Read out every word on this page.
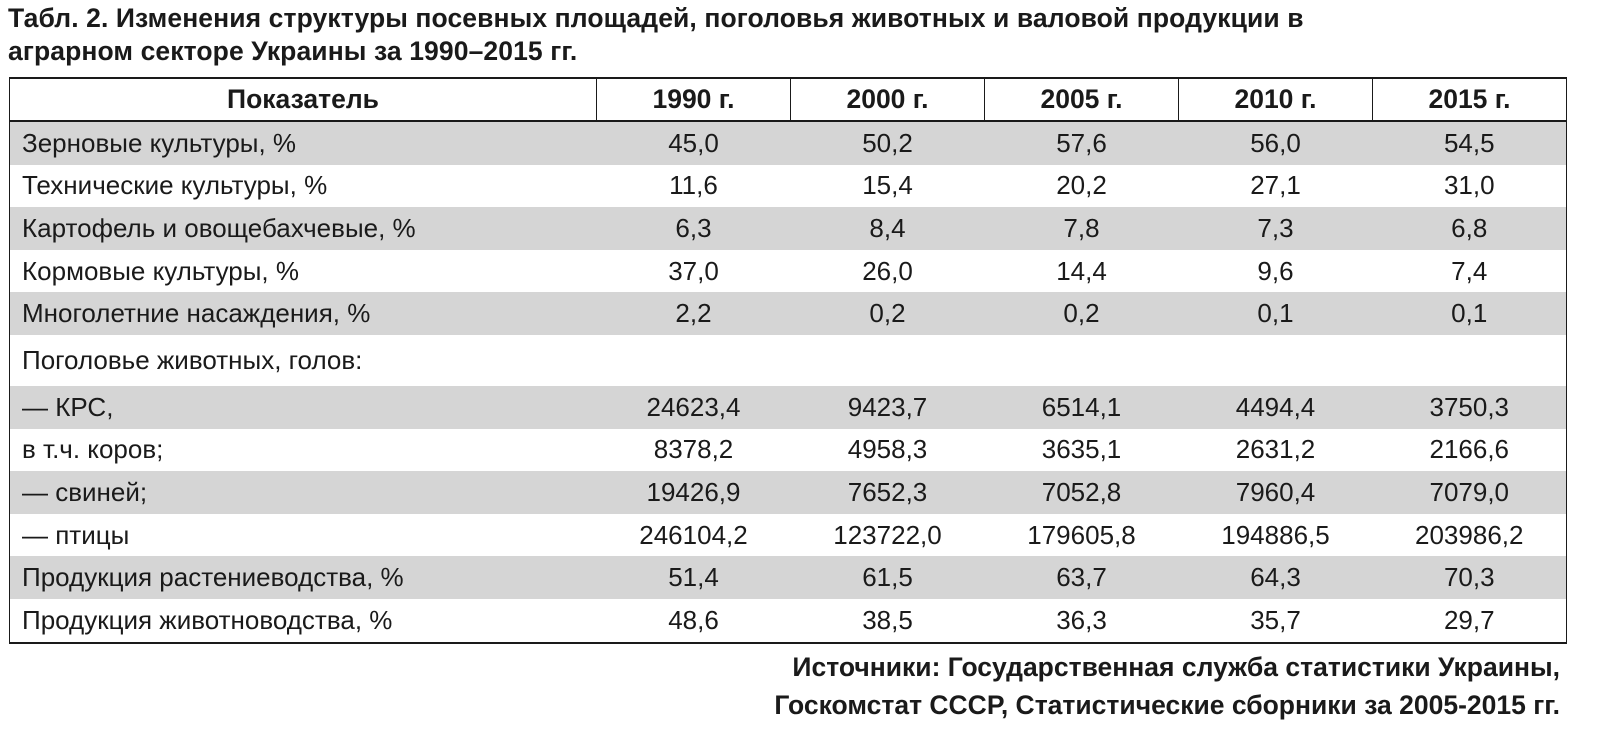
Табл. 2. Изменения структуры посевных площадей, поголовья животных и валовой продукции в
аграрном секторе Украины за 1990–2015 гг.
Показатель	1990 г.	2000 г.	2005 г.	2010 г.	2015 г.
Зерновые культуры, %	45,0	50,2	57,6	56,0	54,5
Технические культуры, %	11,6	15,4	20,2	27,1	31,0
Картофель и овощебахчевые, %	6,3	8,4	7,8	7,3	6,8
Кормовые культуры, %	37,0	26,0	14,4	9,6	7,4
Многолетние насаждения, %	2,2	0,2	0,2	0,1	0,1
Поголовье животных, голов:					
— КРС,	24623,4	9423,7	6514,1	4494,4	3750,3
в т.ч. коров;	8378,2	4958,3	3635,1	2631,2	2166,6
— свиней;	19426,9	7652,3	7052,8	7960,4	7079,0
— птицы	246104,2	123722,0	179605,8	194886,5	203986,2
Продукция растениеводства, %	51,4	61,5	63,7	64,3	70,3
Продукция животноводства, %	48,6	38,5	36,3	35,7	29,7
Источники: Государственная служба статистики Украины,
Госкомстат СССР, Статистические сборники за 2005-2015 гг.
